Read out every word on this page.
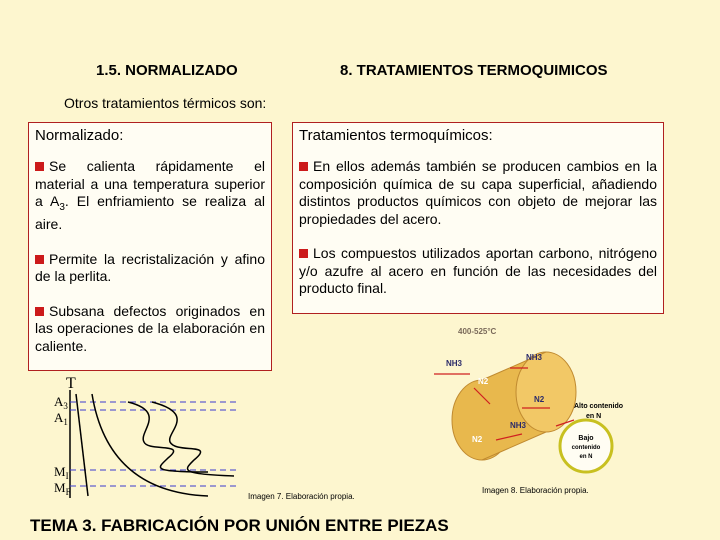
1.5. NORMALIZADO	8. TRATAMIENTOS TERMOQUIMICOS
Otros tratamientos térmicos son:
Normalizado:
Se calienta rápidamente el material a una temperatura superior a $A_3$. El enfriamiento se realiza al aire.
Permite la recristalización y afino de la perlita.
Subsana defectos originados en las operaciones de la elaboración en caliente.
Tratamientos termoquímicos:
En ellos además también se producen cambios en la composición química de su capa superficial, añadiendo distintos productos químicos con objeto de mejorar las propiedades del acero.
Los compuestos utilizados aportan carbono, nitrógeno y/o azufre al acero en función de las necesidades del producto final.
T
$A_3$
$A_1$
$M_I$
$M_F$	Imagen 7. Elaboración propia.
400-525°C
NH3
NH3
N2
N2
NH3
N2
Alto contenido
en N
Bajo
contenido
en N
Imagen 8. Elaboración propia.
TEMA 3. FABRICACIÓN POR UNIÓN ENTRE PIEZAS
